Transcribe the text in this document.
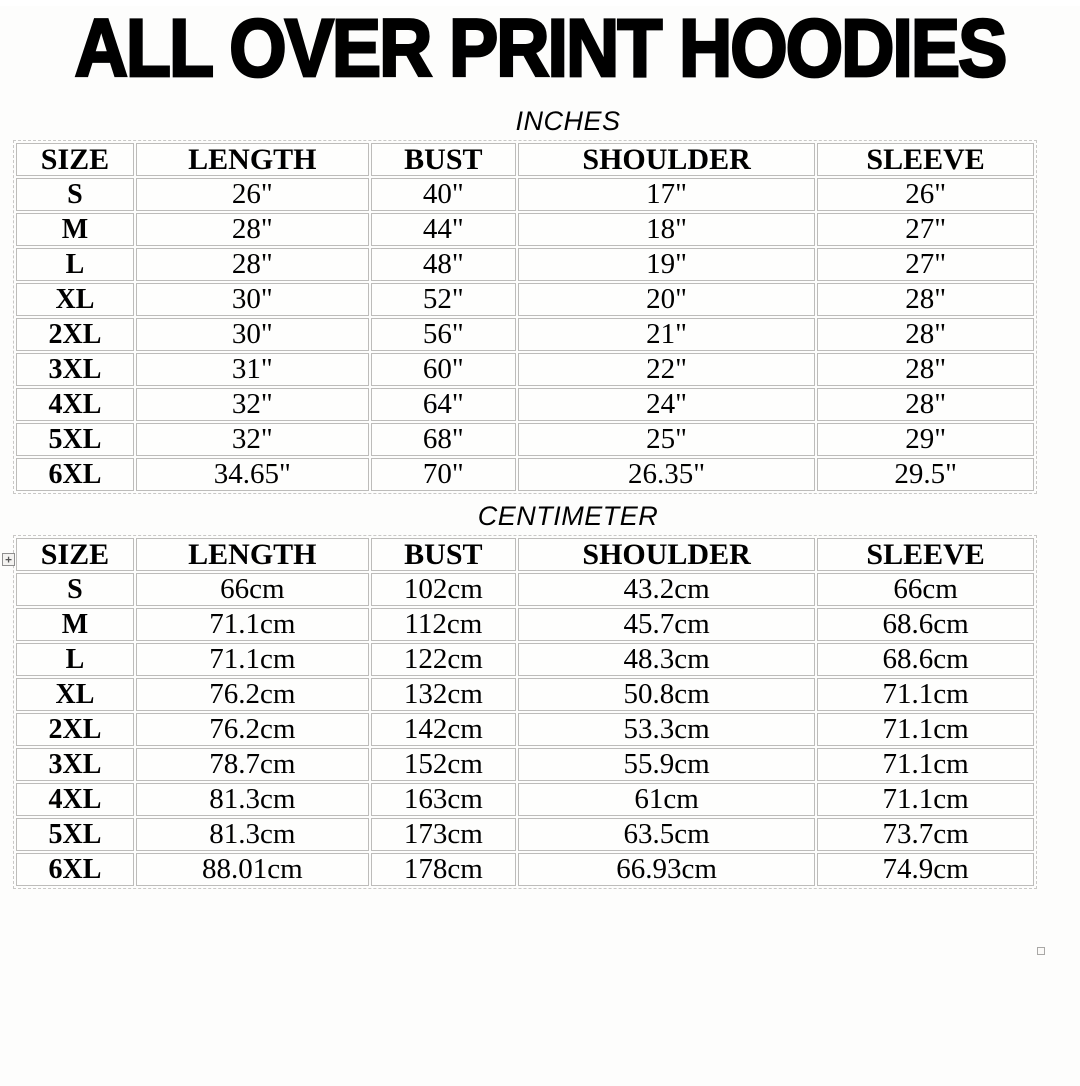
ALL OVER PRINT HOODIES
INCHES
SIZE	LENGTH	BUST	SHOULDER	SLEEVE
S	26"	40"	17"	26"
M	28"	44"	18"	27"
L	28"	48"	19"	27"
XL	30"	52"	20"	28"
2XL	30"	56"	21"	28"
3XL	31"	60"	22"	28"
4XL	32"	64"	24"	28"
5XL	32"	68"	25"	29"
6XL	34.65"	70"	26.35"	29.5"
CENTIMETER
SIZE	LENGTH	BUST	SHOULDER	SLEEVE
S	66cm	102cm	43.2cm	66cm
M	71.1cm	112cm	45.7cm	68.6cm
L	71.1cm	122cm	48.3cm	68.6cm
XL	76.2cm	132cm	50.8cm	71.1cm
2XL	76.2cm	142cm	53.3cm	71.1cm
3XL	78.7cm	152cm	55.9cm	71.1cm
4XL	81.3cm	163cm	61cm	71.1cm
5XL	81.3cm	173cm	63.5cm	73.7cm
6XL	88.01cm	178cm	66.93cm	74.9cm
+
